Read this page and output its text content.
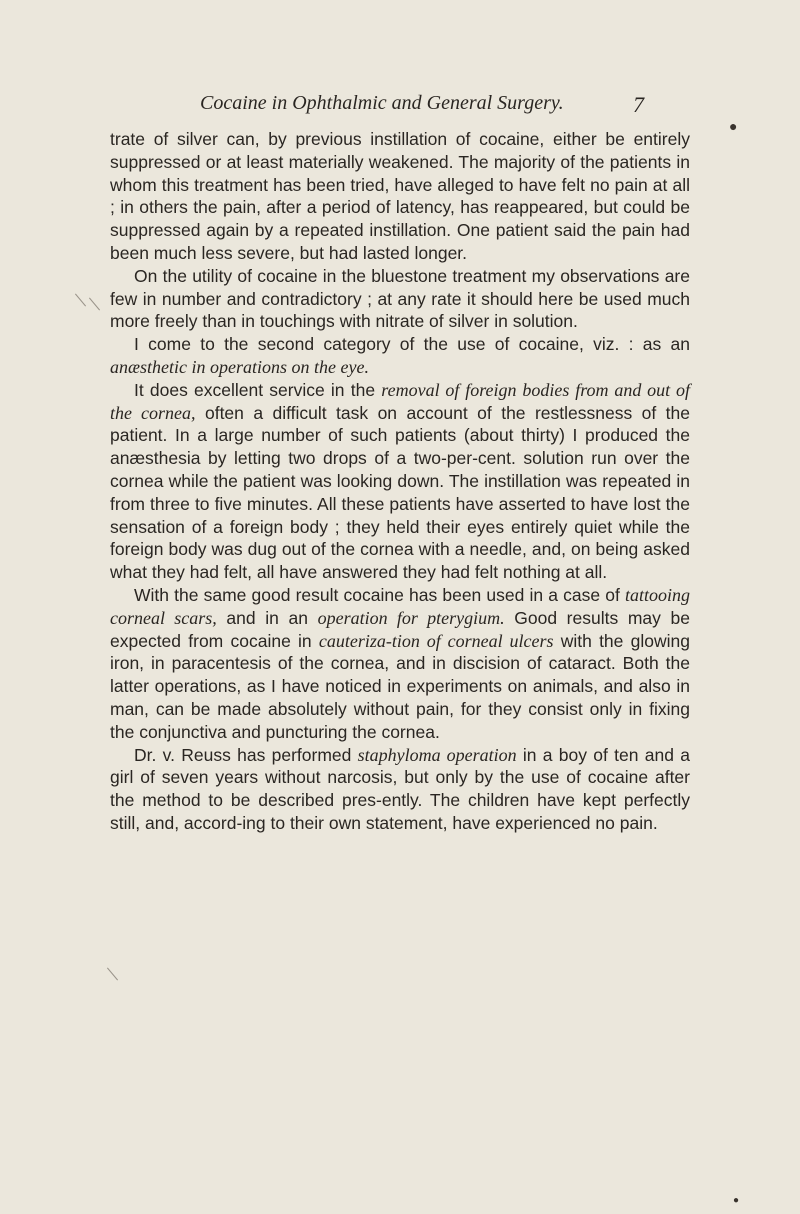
Cocaine in Ophthalmic and General Surgery.	7
●
●

trate of silver can, by previous instillation of cocaine, either be entirely suppressed or at least materially weakened. The majority of the patients in whom this treatment has been tried, have alleged to have felt no pain at all ; in others the pain, after a period of latency, has reappeared, but could be suppressed again by a repeated instillation. One patient said the pain had been much less severe, but had lasted longer.

On the utility of cocaine in the bluestone treatment my observations are few in number and contradictory ; at any rate it should here be used much more freely than in touchings with nitrate of silver in solution.

I come to the second category of the use of cocaine, viz. : as an anæsthetic in operations on the eye.

It does excellent service in the removal of foreign bodies from and out of the cornea, often a difficult task on account of the restlessness of the patient. In a large number of such patients (about thirty) I produced the anæsthesia by letting two drops of a two-per-cent. solution run over the cornea while the patient was looking down. The instillation was repeated in from three to five minutes. All these patients have asserted to have lost the sensation of a foreign body ; they held their eyes entirely quiet while the foreign body was dug out of the cornea with a needle, and, on being asked what they had felt, all have answered they had felt nothing at all.

With the same good result cocaine has been used in a case of tattooing corneal scars, and in an operation for pterygium. Good results may be expected from cocaine in cauteriza-tion of corneal ulcers with the glowing iron, in paracentesis of the cornea, and in discision of cataract. Both the latter operations, as I have noticed in experiments on animals, and also in man, can be made absolutely without pain, for they consist only in fixing the conjunctiva and puncturing the cornea.

Dr. v. Reuss has performed staphyloma operation in a boy of ten and a girl of seven years without narcosis, but only by the use of cocaine after the method to be described pres-ently. The children have kept perfectly still, and, accord-ing to their own statement, have experienced no pain.
